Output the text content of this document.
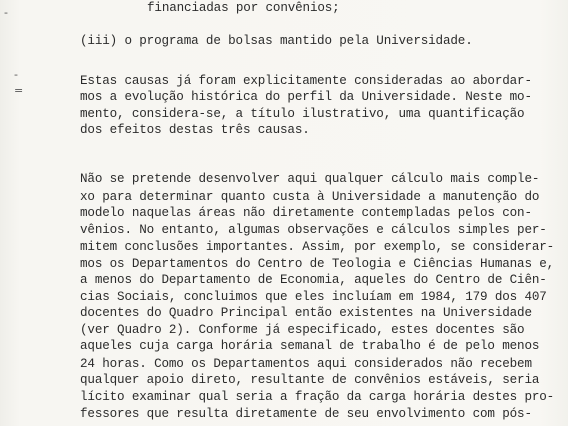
-
-
=
financiadas por convênios;
(iii) o programa de bolsas mantido pela Universidade.
Estas causas já foram explicitamente consideradas ao abordar-
mos a evolução histórica do perfil da Universidade. Neste mo-
mento, considera-se, a título ilustrativo, uma quantificação
dos efeitos destas três causas.
Não se pretende desenvolver aqui qualquer cálculo mais comple-
xo para determinar quanto custa à Universidade a manutenção do
modelo naquelas áreas não diretamente contempladas pelos con-
vênios. No entanto, algumas observações e cálculos simples per-
mitem conclusões importantes. Assim, por exemplo, se considerar-
mos os Departamentos do Centro de Teologia e Ciências Humanas e,
a menos do Departamento de Economia, aqueles do Centro de Ciên-
cias Sociais, concluimos que eles incluíam em 1984, 179 dos 407
docentes do Quadro Principal então existentes na Universidade
(ver Quadro 2). Conforme já especificado, estes docentes são
aqueles cuja carga horária semanal de trabalho é de pelo menos
24 horas. Como os Departamentos aqui considerados não recebem
qualquer apoio direto, resultante de convênios estáveis, seria
lícito examinar qual seria a fração da carga horária destes pro-
fessores que resulta diretamente de seu envolvimento com pós-
